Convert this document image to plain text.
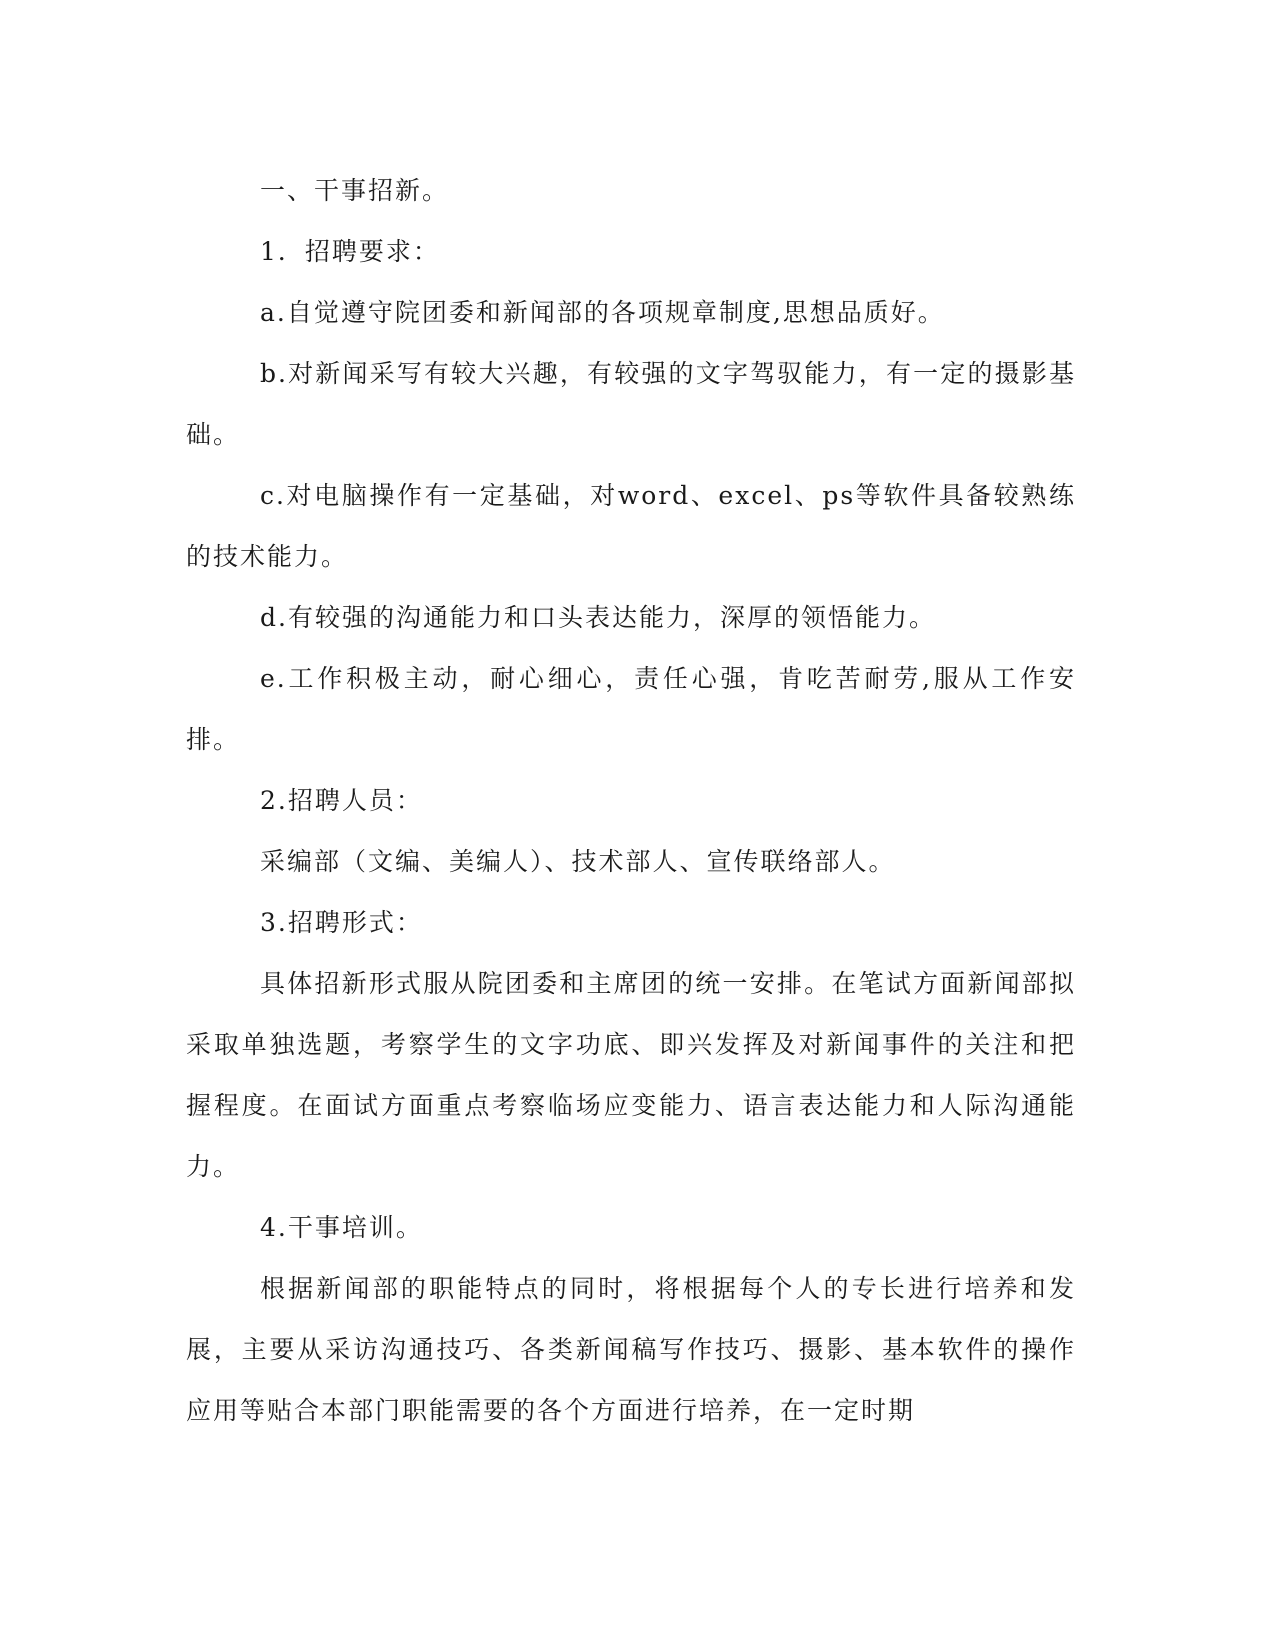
一、干事招新。

1．招聘要求：

a.自觉遵守院团委和新闻部的各项规章制度,思想品质好。

b.对新闻采写有较大兴趣，有较强的文字驾驭能力，有一定的摄影基础。

c.对电脑操作有一定基础，对word、excel、ps等软件具备较熟练的技术能力。

d.有较强的沟通能力和口头表达能力，深厚的领悟能力。

e.工作积极主动，耐心细心，责任心强，肯吃苦耐劳,服从工作安排。

2.招聘人员：

采编部（文编、美编人）、技术部人、宣传联络部人。

3.招聘形式：

具体招新形式服从院团委和主席团的统一安排。在笔试方面新闻部拟采取单独选题，考察学生的文字功底、即兴发挥及对新闻事件的关注和把握程度。在面试方面重点考察临场应变能力、语言表达能力和人际沟通能力。

4.干事培训。

根据新闻部的职能特点的同时，将根据每个人的专长进行培养和发展，主要从采访沟通技巧、各类新闻稿写作技巧、摄影、基本软件的操作应用等贴合本部门职能需要的各个方面进行培养，在一定时期
